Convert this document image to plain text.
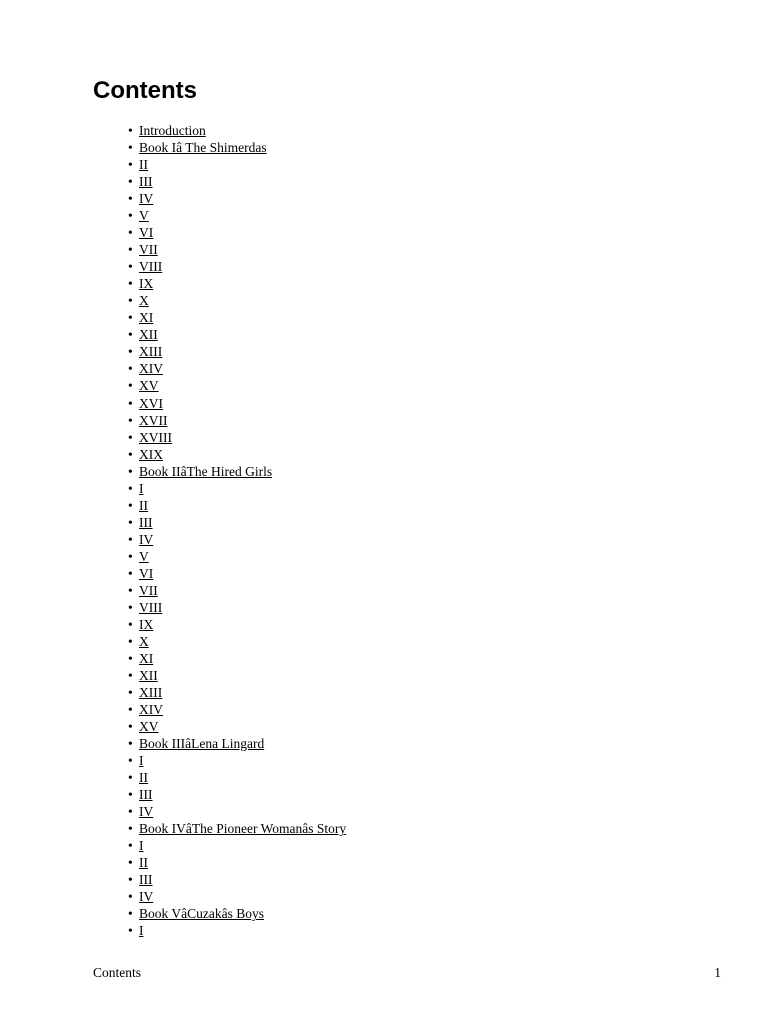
Contents
• Introduction
• Book Iâ The Shimerdas
• II
• III
• IV
• V
• VI
• VII
• VIII
• IX
• X
• XI
• XII
• XIII
• XIV
• XV
• XVI
• XVII
• XVIII
• XIX
• Book IIâThe Hired Girls
• I
• II
• III
• IV
• V
• VI
• VII
• VIII
• IX
• X
• XI
• XII
• XIII
• XIV
• XV
• Book IIIâLena Lingard
• I
• II
• III
• IV
• Book IVâThe Pioneer Womanâs Story
• I
• II
• III
• IV
• Book VâCuzakâs Boys
• I
Contents	1
